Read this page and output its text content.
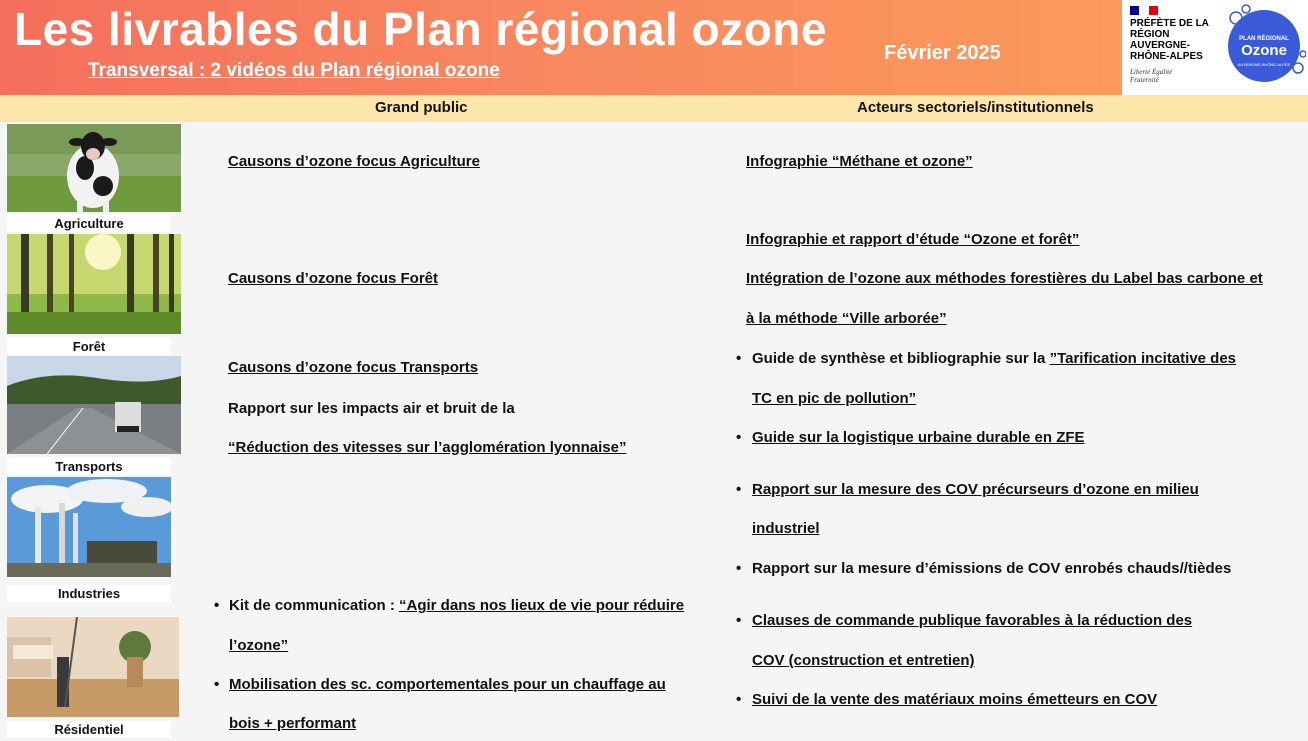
Les livrables du Plan régional ozone
Transversal : 2 vidéos du Plan régional ozone
Février 2025
PRÉFÈTE DE LA RÉGION AUVERGNE- RHÔNE-ALPES
Liberté Égalité Fraternité
PLAN RÉGIONAL
Ozone
AUVERGNE-RHÔNE-ALPES
Grand public	Acteurs sectoriels/institutionnels
Agriculture
Forêt
Transports
Industries
Résidentiel
Causons d’ozone focus Agriculture
Causons d’ozone focus Forêt
Causons d’ozone focus Transports
Rapport sur les impacts air et bruit de la
“Réduction des vitesses sur l’agglomération lyonnaise”
• Kit de communication : “Agir dans nos lieux de vie pour réduire
l’ozone”
• Mobilisation des sc. comportementales pour un chauffage au
bois + performant
Infographie “Méthane et ozone”
Infographie et rapport d’étude “Ozone et forêt”
Intégration de l’ozone aux méthodes forestières du Label bas carbone et
à la méthode “Ville arborée”
• Guide de synthèse et bibliographie sur la ”Tarification incitative des
TC en pic de pollution”
• Guide sur la logistique urbaine durable en ZFE
• Rapport sur la mesure des COV précurseurs d’ozone en milieu
industriel
• Rapport sur la mesure d’émissions de COV enrobés chauds//tièdes
• Clauses de commande publique favorables à la réduction des
COV (construction et entretien)
• Suivi de la vente des matériaux moins émetteurs en COV
